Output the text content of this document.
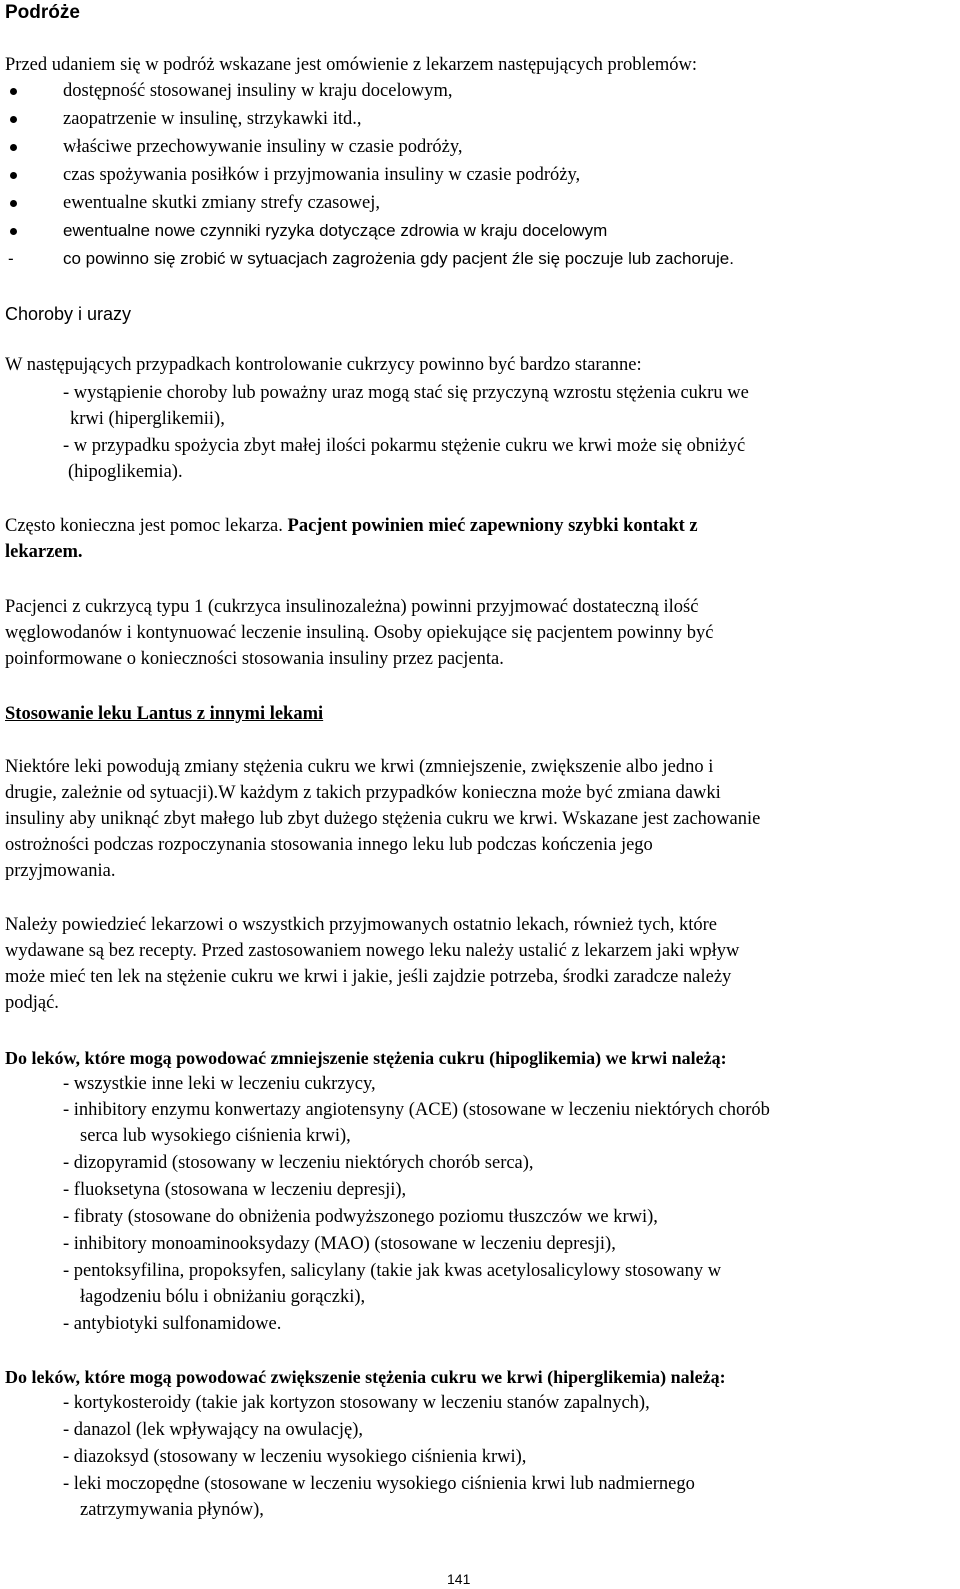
Podróże
Przed udaniem się w podróż wskazane jest omówienie z lekarzem następujących problemów:
dostępność stosowanej insuliny w kraju docelowym,
zaopatrzenie w insulinę, strzykawki itd.,
właściwe przechowywanie insuliny w czasie podróży,
czas spożywania posiłków i przyjmowania insuliny w czasie podróży,
ewentualne skutki zmiany strefy czasowej,
ewentualne nowe czynniki ryzyka dotyczące zdrowia w kraju docelowym
-	co powinno się zrobić w sytuacjach zagrożenia gdy pacjent źle się poczuje lub zachoruje.
Choroby i urazy
W następujących przypadkach kontrolowanie cukrzycy powinno być bardzo staranne:
- wystąpienie choroby lub poważny uraz mogą stać się przyczyną wzrostu stężenia cukru we
krwi (hiperglikemii),
- w przypadku spożycia zbyt małej ilości pokarmu stężenie cukru we krwi może się obniżyć
(hipoglikemia).
Często konieczna jest pomoc lekarza. Pacjent powinien mieć zapewniony szybki kontakt z
lekarzem.
Pacjenci z cukrzycą typu 1 (cukrzyca insulinozależna) powinni przyjmować dostateczną ilość
węglowodanów i kontynuować leczenie insuliną. Osoby opiekujące się pacjentem powinny być
poinformowane o konieczności stosowania insuliny przez pacjenta.
Stosowanie leku Lantus z innymi lekami
Niektóre leki powodują zmiany stężenia cukru we krwi (zmniejszenie, zwiększenie albo jedno i
drugie, zależnie od sytuacji).W każdym z takich przypadków konieczna może być zmiana dawki
insuliny aby uniknąć zbyt małego lub zbyt dużego stężenia cukru we krwi. Wskazane jest zachowanie
ostrożności podczas rozpoczynania stosowania innego leku lub podczas kończenia jego
przyjmowania.
Należy powiedzieć lekarzowi o wszystkich przyjmowanych ostatnio lekach, również tych, które
wydawane są bez recepty. Przed zastosowaniem nowego leku należy ustalić z lekarzem jaki wpływ
może mieć ten lek na stężenie cukru we krwi i jakie, jeśli zajdzie potrzeba, środki zaradcze należy
podjąć.
Do leków, które mogą powodować zmniejszenie stężenia cukru (hipoglikemia) we krwi należą:
- wszystkie inne leki w leczeniu cukrzycy,
- inhibitory enzymu konwertazy angiotensyny (ACE) (stosowane w leczeniu niektórych chorób
serca lub wysokiego ciśnienia krwi),
- dizopyramid (stosowany w leczeniu niektórych chorób serca),
- fluoksetyna (stosowana w leczeniu depresji),
- fibraty (stosowane do obniżenia podwyższonego poziomu tłuszczów we krwi),
- inhibitory monoaminooksydazy (MAO) (stosowane w leczeniu depresji),
- pentoksyfilina, propoksyfen, salicylany (takie jak kwas acetylosalicylowy stosowany w
łagodzeniu bólu i obniżaniu gorączki),
- antybiotyki sulfonamidowe.
Do leków, które mogą powodować zwiększenie stężenia cukru we krwi (hiperglikemia) należą:
- kortykosteroidy (takie jak kortyzon stosowany w leczeniu stanów zapalnych),
- danazol (lek wpływający na owulację),
- diazoksyd (stosowany w leczeniu wysokiego ciśnienia krwi),
- leki moczopędne (stosowane w leczeniu wysokiego ciśnienia krwi lub nadmiernego
zatrzymywania płynów),
141
